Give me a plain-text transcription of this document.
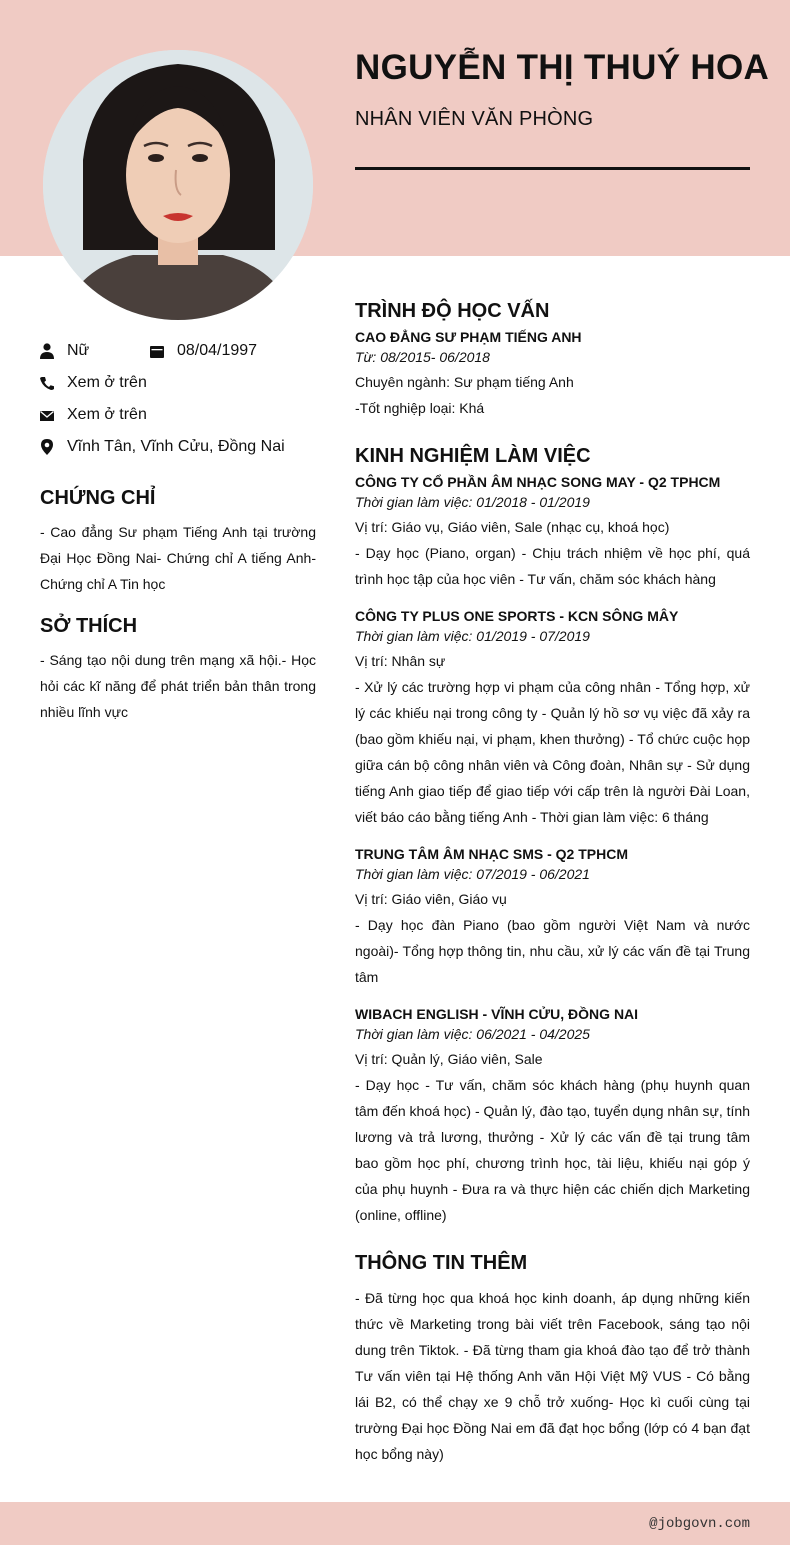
NGUYỄN THỊ THUÝ HOA
NHÂN VIÊN VĂN PHÒNG
Nữ	08/04/1997
Xem ở trên
Xem ở trên
Vĩnh Tân, Vĩnh Cửu, Đồng Nai
CHỨNG CHỈ

- Cao đẳng Sư phạm Tiếng Anh tại trường Đại Học Đồng Nai- Chứng chỉ A tiếng Anh- Chứng chỉ A Tin học

SỞ THÍCH

- Sáng tạo nội dung trên mạng xã hội.- Học hỏi các kĩ năng để phát triển bản thân trong nhiều lĩnh vực

TRÌNH ĐỘ HỌC VẤN
CAO ĐẲNG SƯ PHẠM TIẾNG ANH
Từ: 08/2015- 06/2018

Chuyên ngành: Sư phạm tiếng Anh

-Tốt nghiệp loại: Khá

KINH NGHIỆM LÀM VIỆC
CÔNG TY CỔ PHẦN ÂM NHẠC SONG MAY - Q2 TPHCM
Thời gian làm việc: 01/2018 - 01/2019

Vị trí: Giáo vụ, Giáo viên, Sale (nhạc cụ, khoá học)

- Dạy học (Piano, organ) - Chịu trách nhiệm về học phí, quá trình học tập của học viên - Tư vấn, chăm sóc khách hàng

CÔNG TY PLUS ONE SPORTS - KCN SÔNG MÂY
Thời gian làm việc: 01/2019 - 07/2019

Vị trí: Nhân sự

- Xử lý các trường hợp vi phạm của công nhân - Tổng hợp, xử lý các khiếu nại trong công ty - Quản lý hồ sơ vụ việc đã xảy ra (bao gồm khiếu nại, vi phạm, khen thưởng) - Tổ chức cuộc họp giữa cán bộ công nhân viên và Công đoàn, Nhân sự - Sử dụng tiếng Anh giao tiếp để giao tiếp với cấp trên là người Đài Loan, viết báo cáo bằng tiếng Anh - Thời gian làm việc: 6 tháng

TRUNG TÂM ÂM NHẠC SMS - Q2 TPHCM
Thời gian làm việc: 07/2019 - 06/2021

Vị trí: Giáo viên, Giáo vụ

- Dạy học đàn Piano (bao gồm người Việt Nam và nước ngoài)- Tổng hợp thông tin, nhu cầu, xử lý các vấn đề tại Trung tâm

WIBACH ENGLISH - VĨNH CỬU, ĐỒNG NAI
Thời gian làm việc: 06/2021 - 04/2025

Vị trí: Quản lý, Giáo viên, Sale

- Dạy học - Tư vấn, chăm sóc khách hàng (phụ huynh quan tâm đến khoá học) - Quản lý, đào tạo, tuyển dụng nhân sự, tính lương và trả lương, thưởng - Xử lý các vấn đề tại trung tâm bao gồm học phí, chương trình học, tài liệu, khiếu nại góp ý của phụ huynh - Đưa ra và thực hiện các chiến dịch Marketing (online, offline)

THÔNG TIN THÊM

- Đã từng học qua khoá học kinh doanh, áp dụng những kiến thức về Marketing trong bài viết trên Facebook, sáng tạo nội dung trên Tiktok. - Đã từng tham gia khoá đào tạo để trở thành Tư vấn viên tại Hệ thống Anh văn Hội Việt Mỹ VUS - Có bằng lái B2, có thể chạy xe 9 chỗ trở xuống- Học kì cuối cùng tại trường Đại học Đồng Nai em đã đạt học bổng (lớp có 4 bạn đạt học bổng này)

@jobgovn.com
